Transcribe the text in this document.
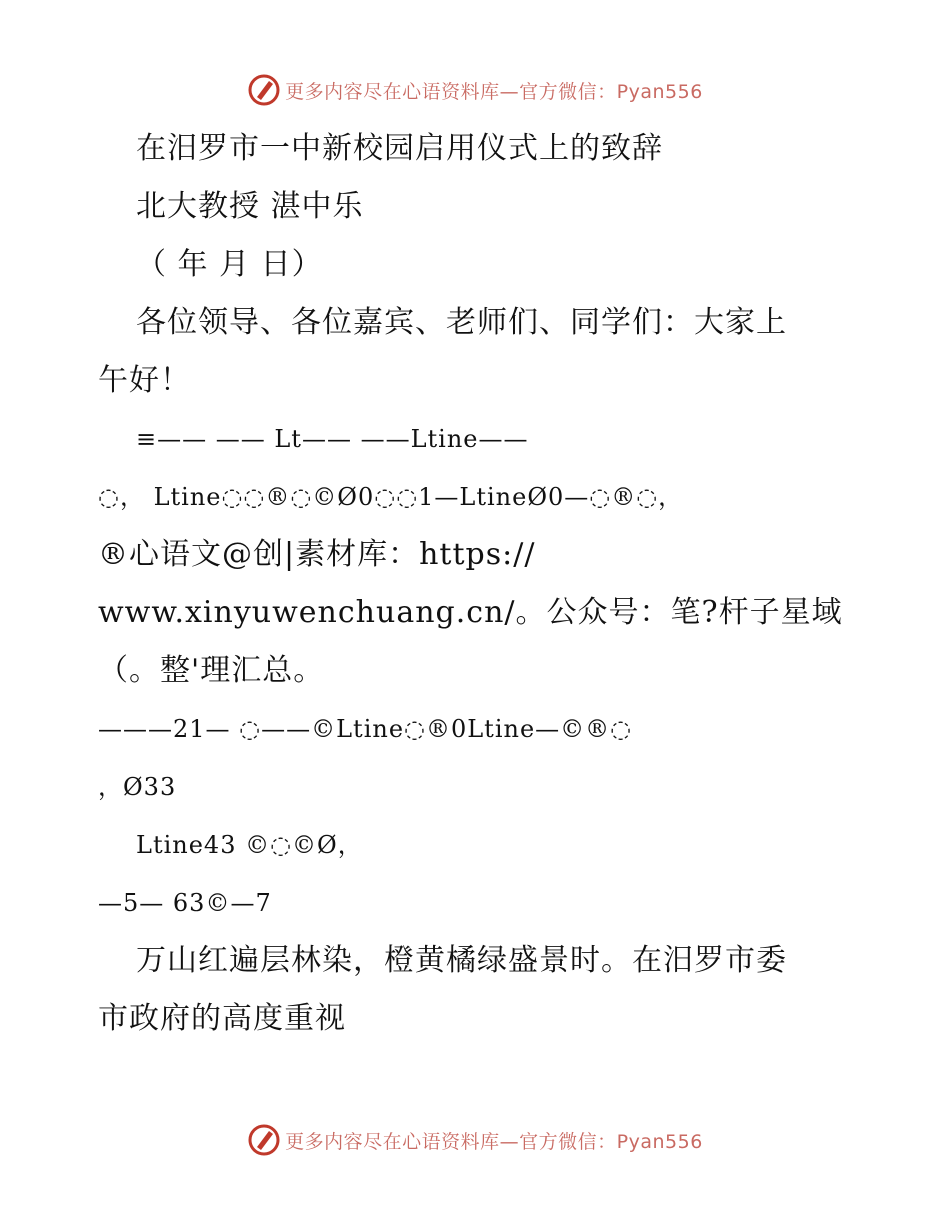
更多内容尽在心语资料库—官方微信：Pyan556
在汨罗市一中新校园启用仪式上的致辞
北大教授 湛中乐
（ 年 月 日）
各位领导、各位嘉宾、老师们、同学们：大家上
午好！
≡—— —— Lt—— ——Ltine——
◌， Ltine◌◌®◌©Ø0◌◌1—LtineØ0—◌®◌，
®心语文@创|素材库：https://
www.xinyuwenchuang.cn/。公众号：笔?杆子星域
（。整'理汇总。
———21— ◌——©Ltine◌®0Ltine—©®◌
，Ø33
Ltine43 ©◌©Ø，
—5— 63©—7
万山红遍层林染，橙黄橘绿盛景时。在汨罗市委
市政府的高度重视
更多内容尽在心语资料库—官方微信：Pyan556
